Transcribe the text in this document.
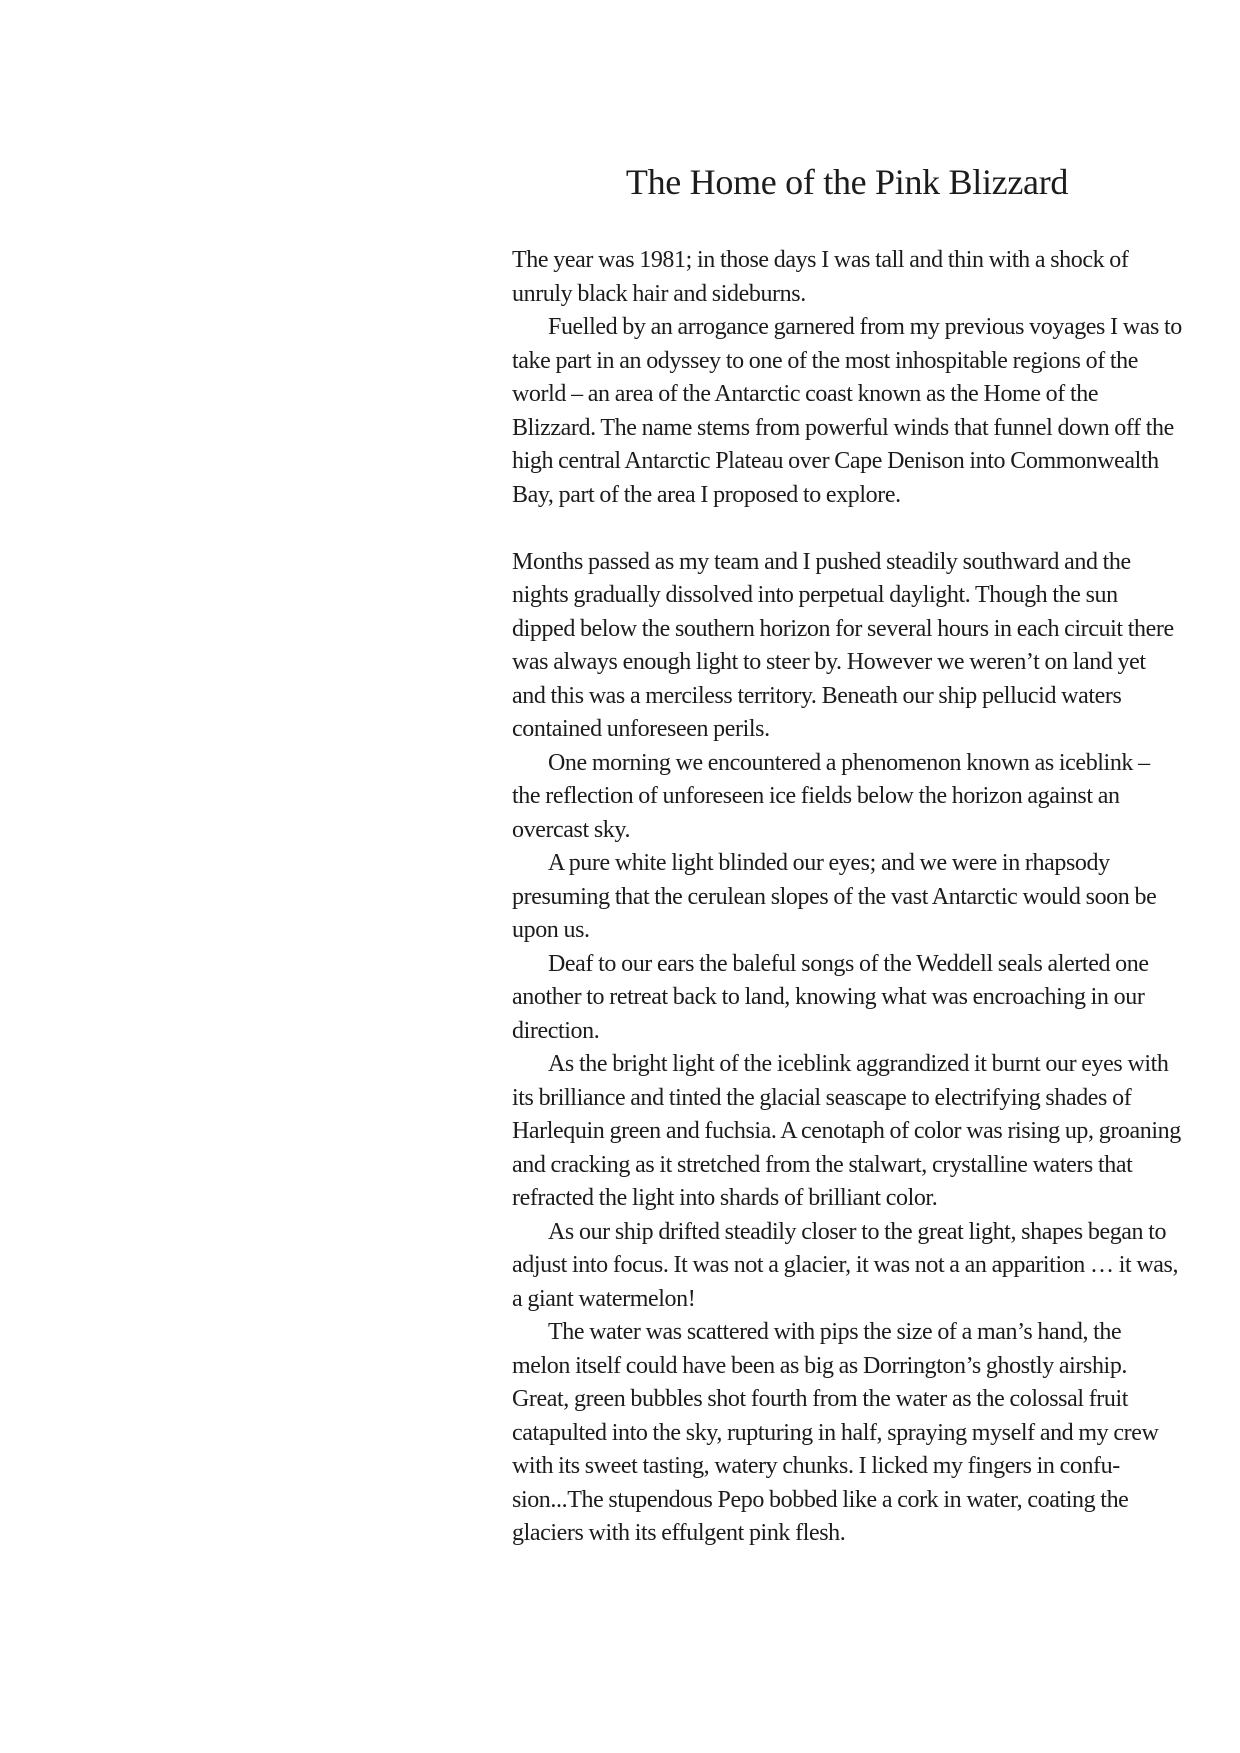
The Home of the Pink Blizzard

The year was 1981; in those days I was tall and thin with a shock of unruly black hair and sideburns.

Fuelled by an arrogance garnered from my previous voyages I was to take part in an odyssey to one of the most inhospitable regions of the world – an area of the Antarctic coast known as the Home of the Blizzard. The name stems from powerful winds that funnel down off the high central Antarctic Plateau over Cape Denison into Commonwealth Bay, part of the area I proposed to explore.

Months passed as my team and I pushed steadily southward and the nights gradually dissolved into perpetual daylight. Though the sun dipped below the southern horizon for several hours in each circuit there was always enough light to steer by. However we weren’t on land yet and this was a merciless territory. Beneath our ship pellucid waters contained unforeseen perils.

One morning we encountered a phenomenon known as iceblink – the reflection of unforeseen ice fields below the horizon against an overcast sky.

A pure white light blinded our eyes; and we were in rhapsody presuming that the cerulean slopes of the vast Antarctic would soon be upon us.

Deaf to our ears the baleful songs of the Weddell seals alerted one another to retreat back to land, knowing what was encroaching in our direction.

As the bright light of the iceblink aggrandized it burnt our eyes with its brilliance and tinted the glacial seascape to electrifying shades of Harlequin green and fuchsia. A cenotaph of color was rising up, groaning and cracking as it stretched from the stalwart, crystalline waters that refracted the light into shards of brilliant color.

As our ship drifted steadily closer to the great light, shapes began to adjust into focus. It was not a glacier, it was not a an apparition … it was, a giant watermelon!

The water was scattered with pips the size of a man’s hand, the melon itself could have been as big as Dorrington’s ghostly airship. Great, green bubbles shot fourth from the water as the colossal fruit catapulted into the sky, rupturing in half, spraying myself and my crew with its sweet tasting, watery chunks. I licked my fingers in confusion...The stupendous Pepo bobbed like a cork in water, coating the glaciers with its effulgent pink flesh.
